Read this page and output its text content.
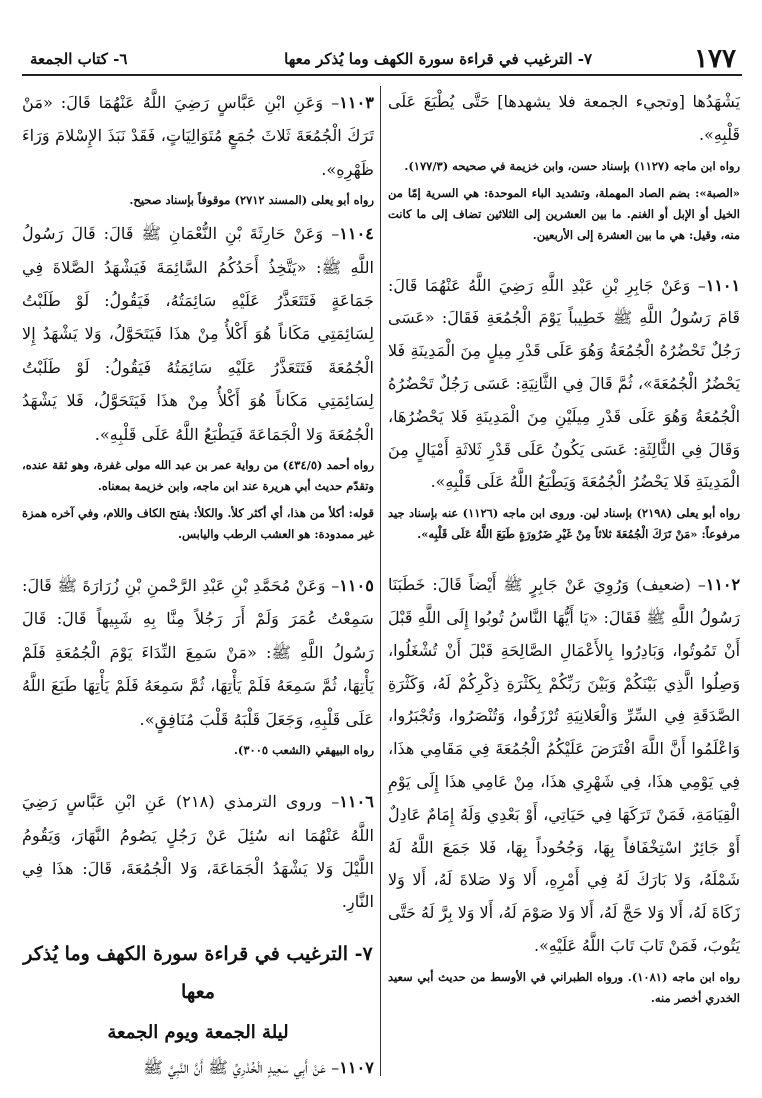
١٧٧
٧- الترغيب في قراءة سورة الكهف وما يُذكر معها
٦- كتاب الجمعة

يَشْهَدُها [وتجيء الجمعة فلا يشهدها] حَتَّى يُطْبَعَ عَلَى قَلْبِهِ».

رواه ابن ماجه (١١٢٧) بإسناد حسن، وابن خزيمة في صحيحه (١٧٧/٣).

«الصبة»: بضم الصاد المهملة، وتشديد الباء الموحدة: هي السرية إمّا من الخيل أو الإبل أو الغنم. ما بين العشرين إلى الثلاثين تضاف إلى ما كانت منه، وقيل: هي ما بين العشرة إلى الأربعين.

١١٠١– وَعَنْ جَابِرِ بْنِ عَبْدِ اللَّهِ رَضِيَ اللَّهُ عَنْهُمَا قَالَ: قَامَ رَسُولُ اللَّهِ ﷺ خَطِيباً يَوْمَ الْجُمُعَةِ فَقَالَ: «عَسَى رَجُلٌ تَحْضُرُهُ الْجُمُعَةُ وَهُوَ عَلَى قَدْرِ مِيلٍ مِنَ الْمَدِينَةِ فَلا يَحْضُرُ الْجُمُعَةَ»، ثُمَّ قَالَ فِي الثَّانِيَةِ: عَسَى رَجُلٌ تَحْضُرُهُ الْجُمُعَةُ وَهُوَ عَلَى قَدْرِ مِيلَيْنِ مِنَ الْمَدِينَةِ فَلا يَحْضُرُهَا، وَقَالَ فِي الثَّالِثَةِ: عَسَى يَكُونُ عَلَى قَدْرِ ثَلاثَةِ أَمْيَالٍ مِنَ الْمَدِينَةِ فَلا يَحْضُرُ الْجُمُعَةَ وَيَطْبَعُ اللَّهُ عَلَى قَلْبِهِ».

رواه أبو يعلى (٢١٩٨) بإسناد لين. وروى ابن ماجه (١١٢٦) عنه بإسناد جيد مرفوعاً: «مَنْ تَرَكَ الْجُمُعَةَ ثلاثاً مِنْ غَيْرِ ضَرُورَةٍ طَبَعَ اللَّهُ عَلَى قَلْبِه».

١١٠٢– (ضعيف) وَرُوِيَ عَنْ جَابِرٍ ﷺ أَيْضاً قَالَ: خَطَبَنَا رَسُولُ اللَّهِ ﷺ فَقَالَ: «يَا أَيُّهَا النَّاسُ تُوبُوا إِلَى اللَّهِ قَبْلَ أَنْ تَمُوتُوا، وَبَادِرُوا بِالأَعْمَالِ الصَّالِحَةِ قَبْلَ أَنْ تُشْغَلُوا، وَصِلُوا الَّذِي بَيْنَكُمْ وَبَيْنَ رَبِّكُمْ بِكَثْرَةِ ذِكْرِكُمْ لَهُ، وَكَثْرَةِ الصَّدَقَةِ فِي السِّرِّ وَالْعَلانِيَةِ تُرْزَقُوا، وَتُنْصَرُوا، وَتُجْبَرُوا، وَاعْلَمُوا أَنَّ اللَّهَ افْتَرَضَ عَلَيْكُمُ الْجُمُعَةَ فِي مَقَامِي هذَا، فِي يَوْمِي هذَا، فِي شَهْرِي هذَا، مِنْ عَامِي هذَا إِلَى يَوْمِ الْقِيَامَةِ، فَمَنْ تَرَكَهَا فِي حَيَاتِي، أَوْ بَعْدِي وَلَهُ إِمَامٌ عَادِلٌ أَوْ جَائِرٌ اسْتِخْفَافاً بِهَا، وَجُحُوداً بِهَا، فَلا جَمَعَ اللَّهُ لَهُ شَمْلَهُ، وَلا بَارَكَ لَهُ فِي أَمْرِهِ، أَلا وَلا صَلاةَ لَهُ، أَلا وَلا زَكَاةَ لَهُ، أَلا وَلا حَجَّ لَهُ، أَلا وَلا صَوْمَ لَهُ، أَلا وَلا بِرَّ لَهُ حَتَّى يَتُوبَ، فَمَنْ تَابَ تَابَ اللَّهُ عَلَيْهِ».

رواه ابن ماجه (١٠٨١). ورواه الطبراني في الأوسط من حديث أبي سعيد الخدري أخصر منه.

١١٠٣– وَعَنِ ابْنِ عَبَّاسٍ رَضِيَ اللَّهُ عَنْهُمَا قَالَ: «مَنْ تَرَكَ الْجُمُعَةَ ثَلاثَ جُمَعٍ مُتَوَالِيَاتٍ، فَقَدْ نَبَذَ الإِسْلامَ وَرَاءَ ظَهْرِهِ».

رواه أبو يعلى (المسند ٢٧١٢) موقوفاً بإسناد صحيح.

١١٠٤– وَعَنْ حَارِثَةَ بْنِ النُّعْمَانِ ﷺ قَالَ: قَالَ رَسُولُ اللَّهِ ﷺ: «يَتَّخِذُ أَحَدُكُمُ السَّائِمَةَ فَيَشْهَدُ الصَّلاةَ فِي جَمَاعَةٍ فَتَتَعَذَّرُ عَلَيْهِ سَائِمَتُهُ، فَيَقُولُ: لَوْ طَلَبْتُ لِسَائِمَتِي مَكَاناً هُوَ أَكْلأُ مِنْ هذَا فَيَتَحَوَّلُ، وَلا يَشْهَدُ إِلا الْجُمُعَةَ فَتَتَعَذَّرُ عَلَيْهِ سَائِمَتُهُ فَيَقُولُ: لَوْ طَلَبْتُ لِسَائِمَتِي مَكَاناً هُوَ أَكْلأُ مِنْ هذَا فَيَتَحَوَّلُ، فَلا يَشْهَدُ الْجُمُعَةَ وَلا الْجَمَاعَةَ فَيَطْبَعُ اللَّهُ عَلَى قَلْبِهِ».

رواه أحمد (٤٣٤/٥) من رواية عمر بن عبد الله مولى غفرة، وهو ثقة عنده، وتقدّم حديث أبي هريرة عند ابن ماجه، وابن خزيمة بمعناه.

قوله: أكلأ من هذا، أي أكثر كلأ. والكلأ: بفتح الكاف واللام، وفي آخره همزة غير ممدودة: هو العشب الرطب واليابس.

١١٠٥– وَعَنْ مُحَمَّدِ بْنِ عَبْدِ الرَّحْمنِ بْنِ زُرَارَةَ ﷺ قَالَ: سَمِعْتُ عُمَرَ وَلَمْ أَرَ رَجُلاً مِنَّا بِهِ شَبِيهاً قَالَ: قَالَ رَسُولُ اللَّهِ ﷺ: «مَنْ سَمِعَ النِّدَاءَ يَوْمَ الْجُمُعَةِ فَلَمْ يَأْتِهَا، ثُمَّ سَمِعَهُ فَلَمْ يَأْتِهَا، ثُمَّ سَمِعَهُ فَلَمْ يَأْتِهَا طَبَعَ اللَّهُ عَلَى قَلْبِهِ، وَجَعَلَ قَلْبَهُ قَلْبَ مُنَافِقٍ».

رواه البيهقي (الشعب ٣٠٠٥).

١١٠٦– وروى الترمذي (٢١٨) عَنِ ابْنِ عَبَّاسٍ رَضِيَ اللَّهُ عَنْهُمَا انه سُئِلَ عَنْ رَجُلٍ يَصُومُ النَّهَارَ، وَيَقُومُ اللَّيْلَ وَلا يَشْهَدُ الْجَمَاعَةَ، وَلا الْجُمُعَةَ، قَالَ: هذَا فِي النَّارِ.

٧- الترغيب في قراءة سورة الكهف وما يُذكر
معها

ليلة الجمعة ويوم الجمعة

١١٠٧– عَنْ أَبِي سَعِيدٍ الْخُدْرِيِّ ﷺ أَنَّ النَّبِيَّ ﷺ
